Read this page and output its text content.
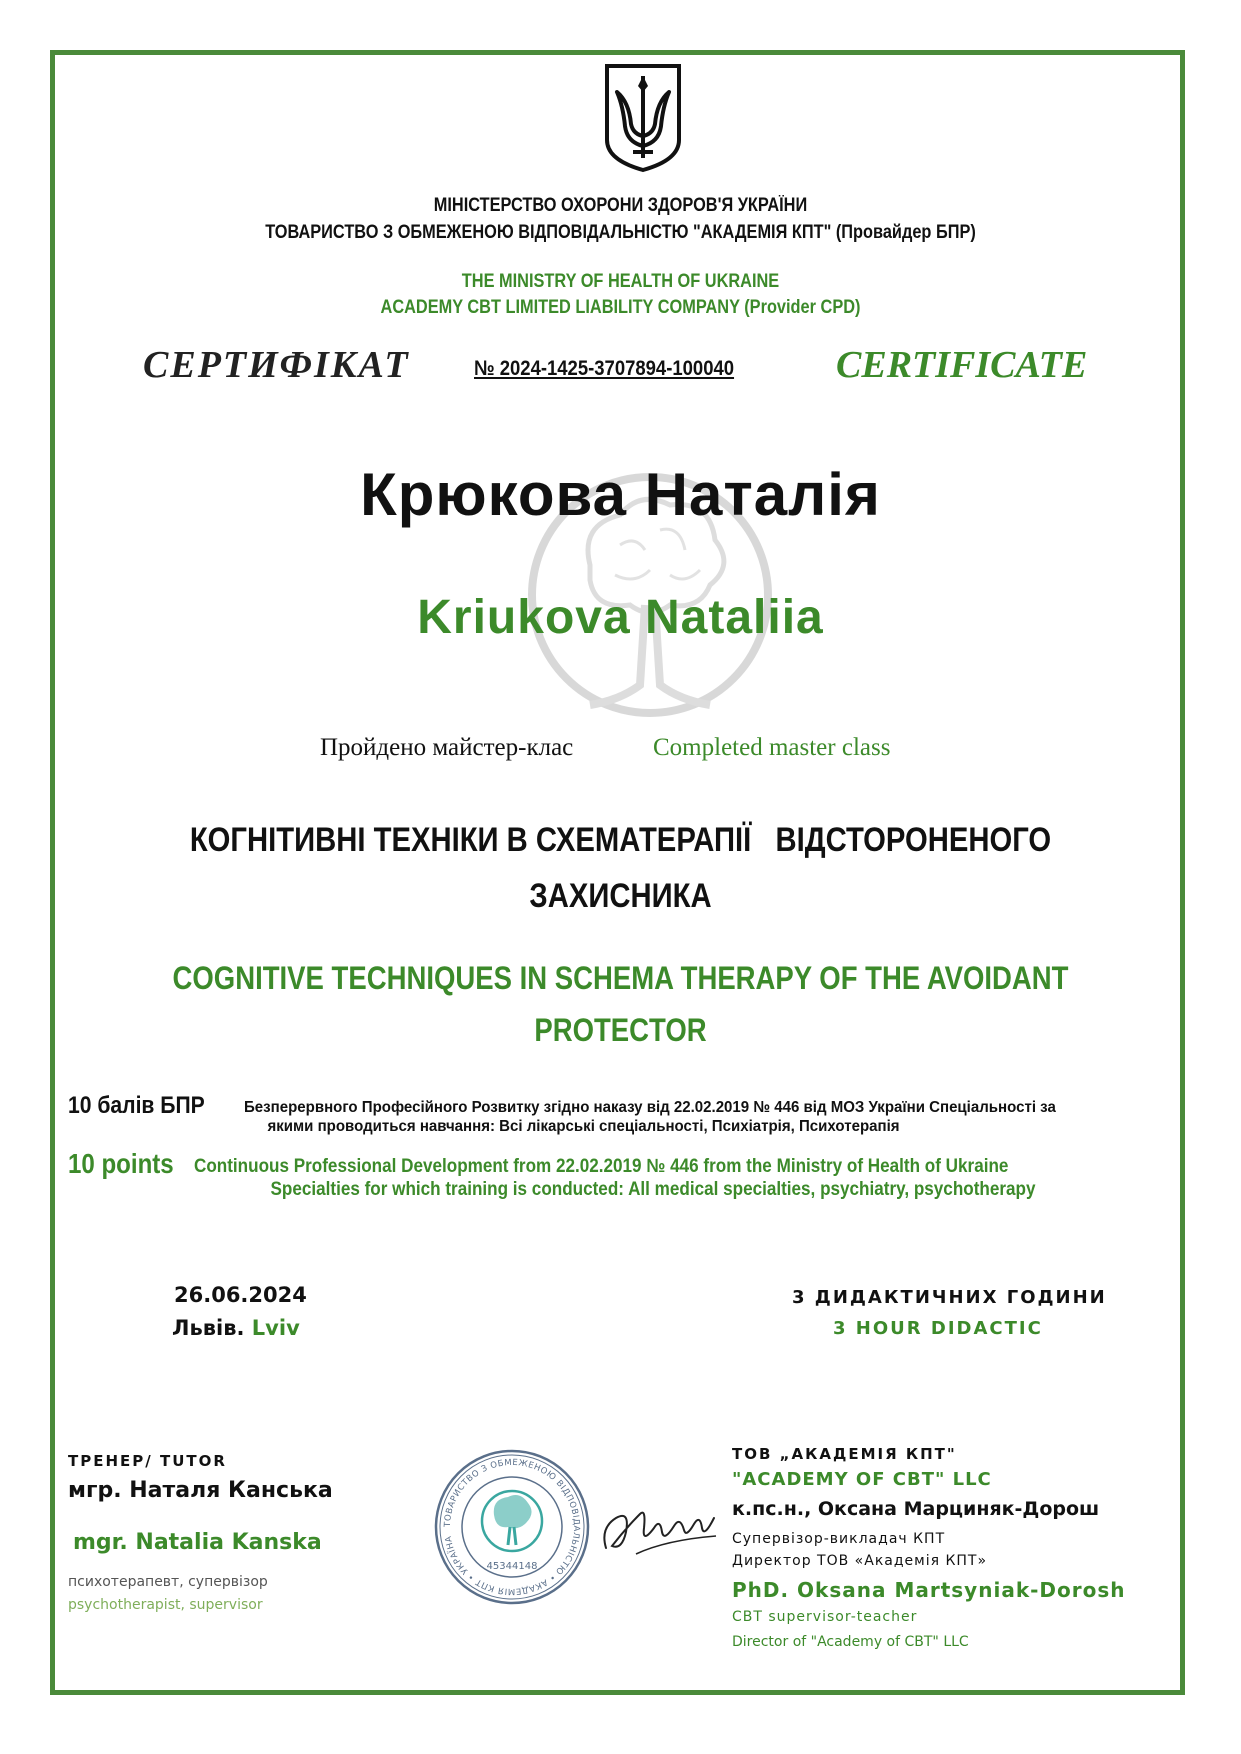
МІНІСТЕРСТВО ОХОРОНИ ЗДОРОВ'Я УКРАЇНИ
ТОВАРИСТВО З ОБМЕЖЕНОЮ ВІДПОВІДАЛЬНІСТЮ "АКАДЕМІЯ КПТ" (Провайдер БПР)
THE MINISTRY OF HEALTH OF UKRAINE
ACADEMY CBT LIMITED LIABILITY COMPANY (Provider CPD)
СЕРТИФІКАТ	№ 2024-1425-3707894-100040	CERTIFICATE
Крюкова Наталія
Kriukova Nataliia
Пройдено майстер-клас	Completed master class
КОГНІТИВНІ ТЕХНІКИ В СХЕМАТЕРАПІЇ   ВІДСТОРОНЕНОГО
ЗАХИСНИКА
COGNITIVE TECHNIQUES IN SCHEMA THERAPY OF THE AVOIDANT
PROTECTOR
10 балів БПР Безперервного Професійного Розвитку згідно наказу від 22.02.2019 № 446 від МОЗ України Спеціальності за
якими проводиться навчання: Всі лікарські спеціальності, Психіатрія, Психотерапія
10 points Continuous Professional Development from 22.02.2019 № 446 from the Ministry of Health of Ukraine
Specialties for which training is conducted: All medical specialties, psychiatry, psychotherapy
26.06.2024
Львів. Lviv
3 ДИДАКТИЧНИХ ГОДИНИ
3 HOUR DIDACTIC
ТРЕНЕР/ TUTOR
мгр. Наталя Канська
mgr. Natalia Kanska
психотерапевт, супервізор
psychotherapist, supervisor
ТОВАРИСТВО З ОБМЕЖЕНОЮ ВІДПОВІДАЛЬНІСТЮ • АКАДЕМІЯ КПТ • УКРАЇНА
45344148
ТОВ „АКАДЕМІЯ КПТ"
"ACADEMY OF CBT" LLC
к.пс.н., Оксана Марциняк-Дорош
Супервізор-викладач КПТ
Директор ТОВ «Академія КПТ»
PhD. Oksana Martsyniak-Dorosh
CBT supervisor-teacher
Director of "Academy of CBT" LLC
